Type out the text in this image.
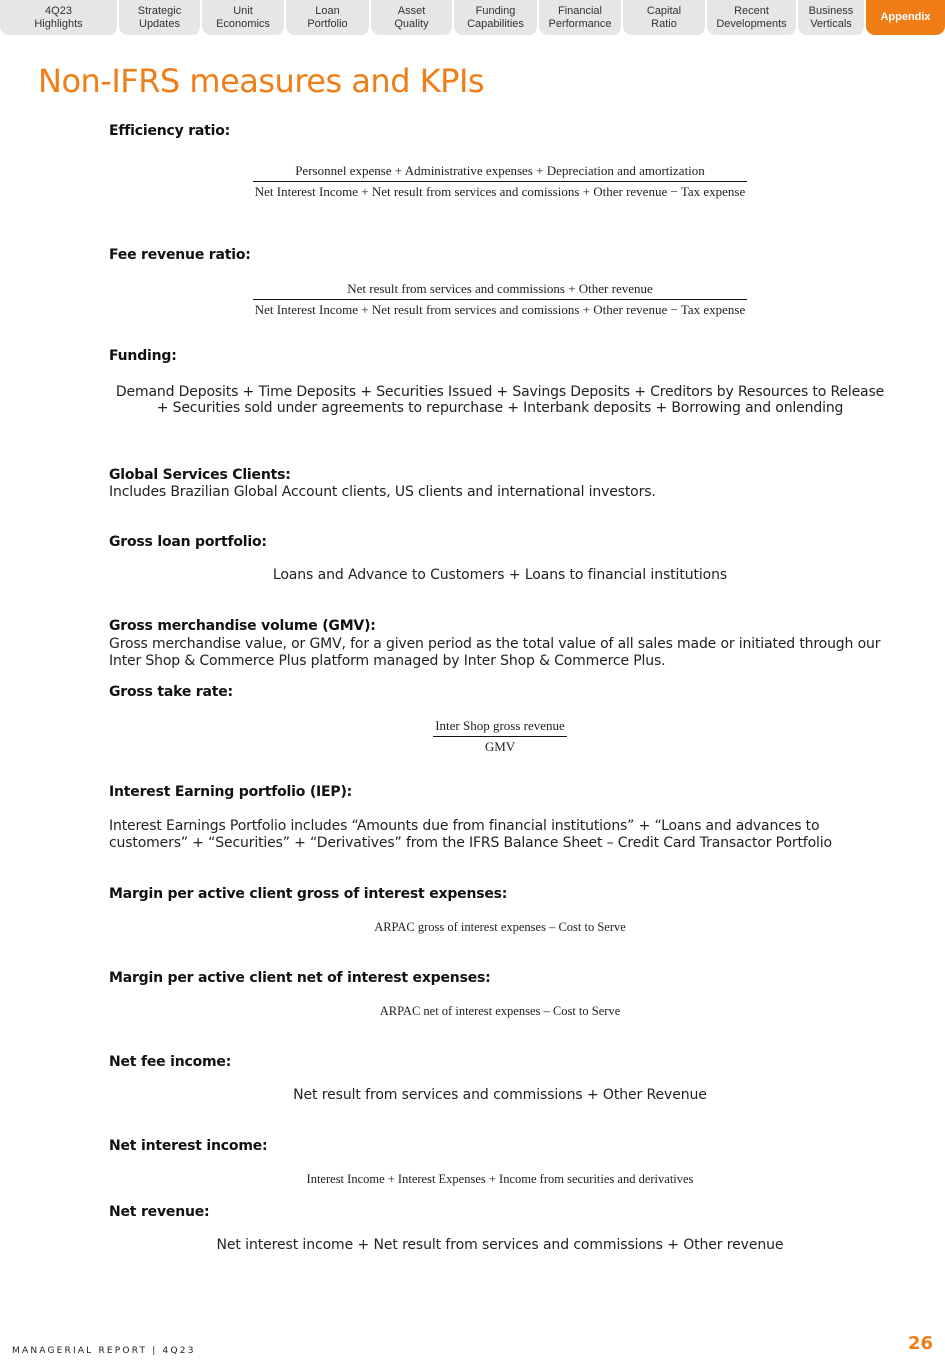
4Q23
Highlights
Strategic
Updates
Unit
Economics
Loan
Portfolio
Asset
Quality
Funding
Capabilities
Financial
Performance
Capital
Ratio
Recent
Developments
Business
Verticals
Appendix
Non-IFRS measures and KPIs
Efficiency ratio:
Personnel expense + Administrative expenses + Depreciation and amortization
Net Interest Income + Net result from services and comissions + Other revenue − Tax expense
Fee revenue ratio:
Net result from services and commissions + Other revenue
Net Interest Income + Net result from services and comissions + Other revenue − Tax expense
Funding:
Demand Deposits + Time Deposits + Securities Issued + Savings Deposits + Creditors by Resources to Release
+ Securities sold under agreements to repurchase + Interbank deposits + Borrowing and onlending
Global Services Clients:
Includes Brazilian Global Account clients, US clients and international investors.
Gross loan portfolio:
Loans and Advance to Customers + Loans to financial institutions
Gross merchandise volume (GMV):
Gross merchandise value, or GMV, for a given period as the total value of all sales made or initiated through our Inter Shop & Commerce Plus platform managed by Inter Shop & Commerce Plus.
Gross take rate:
$\frac{\text{Inter Shop gross revenue}}{\text{GMV}}$
Interest Earning portfolio (IEP):
Interest Earnings Portfolio includes “Amounts due from financial institutions” + “Loans and advances to customers” + “Securities” + “Derivatives” from the IFRS Balance Sheet – Credit Card Transactor Portfolio
Margin per active client gross of interest expenses:
ARPAC gross of interest expenses – Cost to Serve
Margin per active client net of interest expenses:
ARPAC net of interest expenses – Cost to Serve
Net fee income:
Net result from services and commissions + Other Revenue
Net interest income:
Interest Income + Interest Expenses + Income from securities and derivatives
Net revenue:
Net interest income + Net result from services and commissions + Other revenue
MANAGERIAL REPORT | 4Q23	26
